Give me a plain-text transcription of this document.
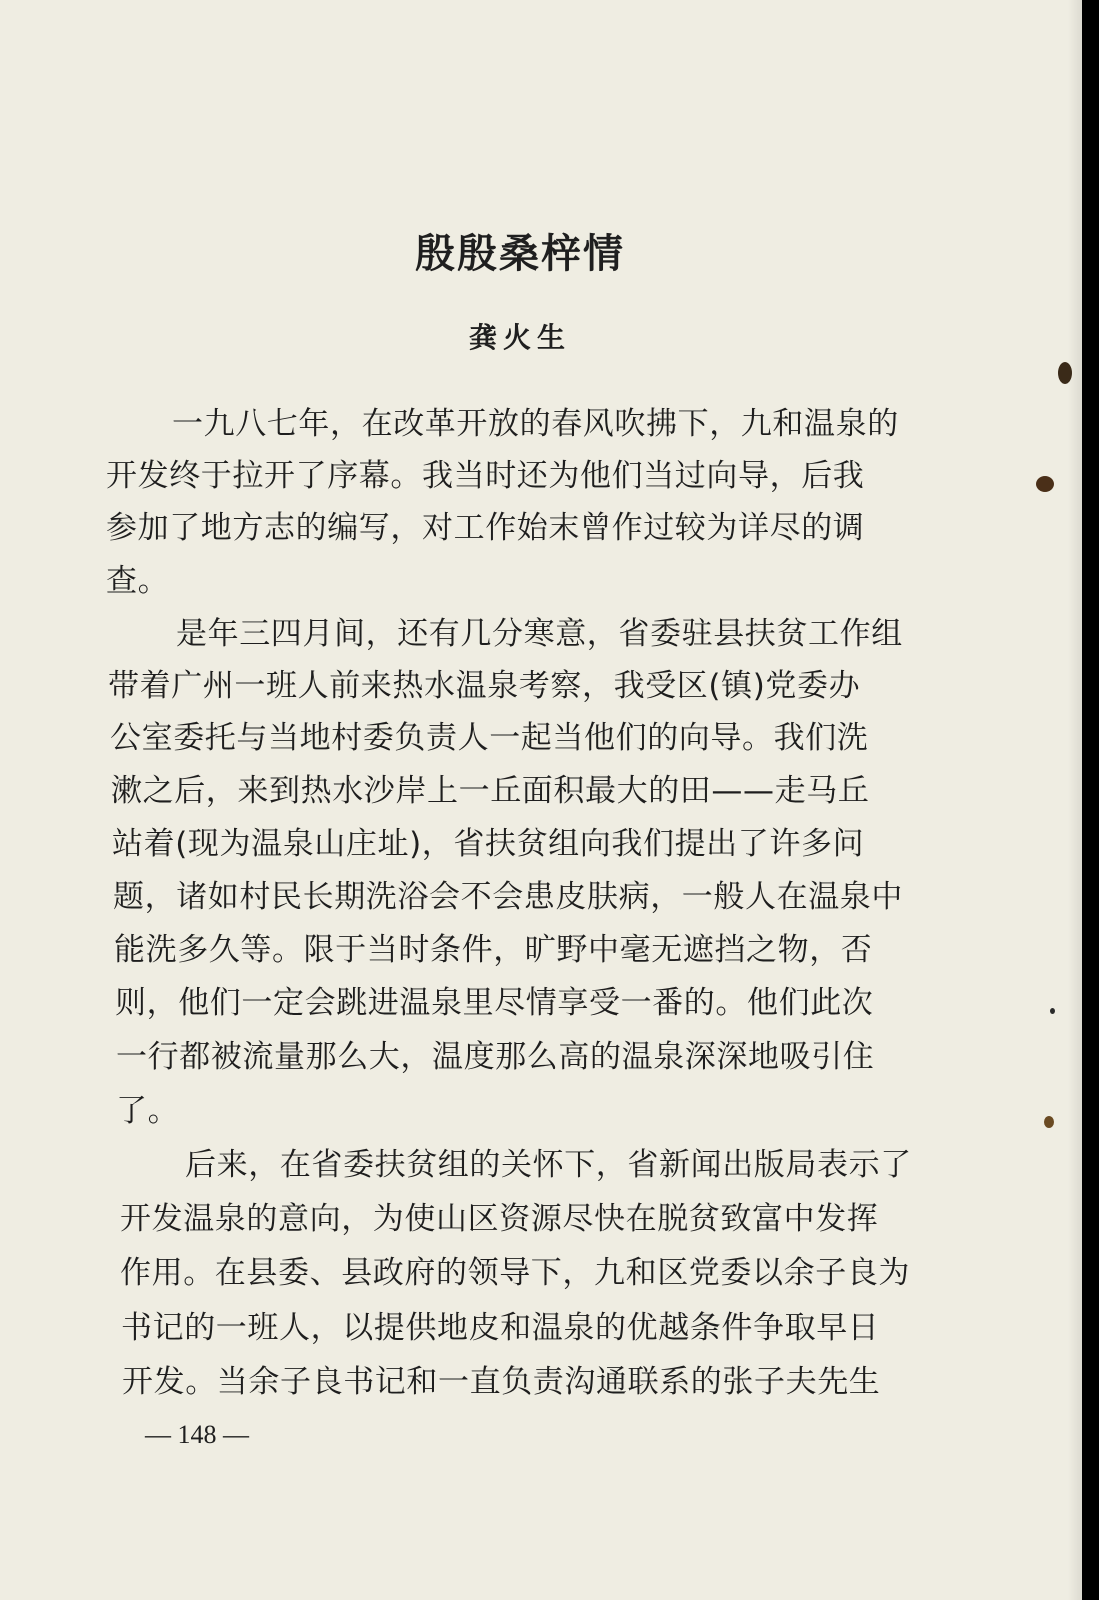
殷殷桑梓情
龚火生

一九八七年，在改革开放的春风吹拂下，九和温泉的

开发终于拉开了序幕。我当时还为他们当过向导，后我

参加了地方志的编写，对工作始末曾作过较为详尽的调

查。

是年三四月间，还有几分寒意，省委驻县扶贫工作组

带着广州一班人前来热水温泉考察，我受区(镇)党委办

公室委托与当地村委负责人一起当他们的向导。我们洗

漱之后，来到热水沙岸上一丘面积最大的田——走马丘

站着(现为温泉山庄址)，省扶贫组向我们提出了许多问

题，诸如村民长期洗浴会不会患皮肤病，一般人在温泉中

能洗多久等。限于当时条件，旷野中毫无遮挡之物，否

则，他们一定会跳进温泉里尽情享受一番的。他们此次

一行都被流量那么大，温度那么高的温泉深深地吸引住

了。

后来，在省委扶贫组的关怀下，省新闻出版局表示了

开发温泉的意向，为使山区资源尽快在脱贫致富中发挥

作用。在县委、县政府的领导下，九和区党委以余子良为

书记的一班人，以提供地皮和温泉的优越条件争取早日

开发。当余子良书记和一直负责沟通联系的张子夫先生

— 148 —
